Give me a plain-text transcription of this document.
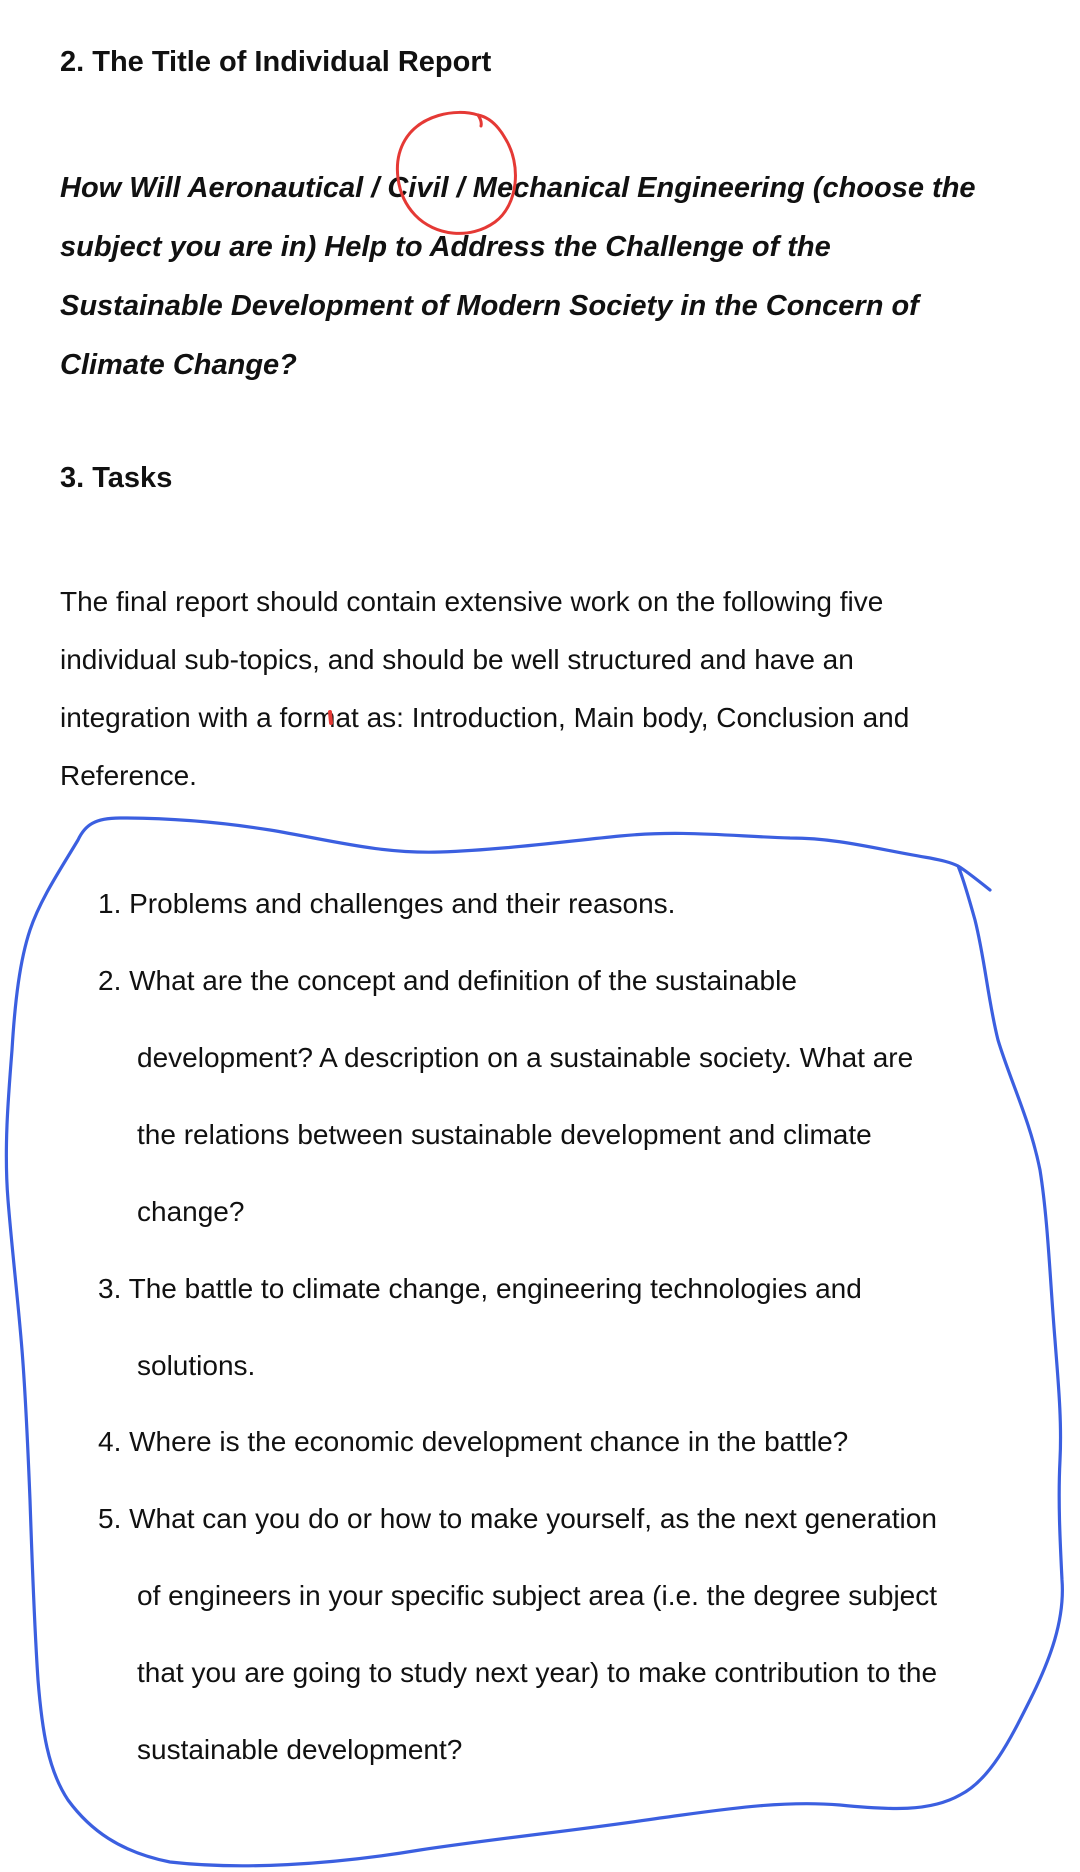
2. The Title of Individual Report

How Will Aeronautical / Civil / Mechanical Engineering (choose the
subject you are in) Help to Address the Challenge of the
Sustainable Development of Modern Society in the Concern of
Climate Change?

3. Tasks

The final report should contain extensive work on the following five
individual sub-topics, and should be well structured and have an
integration with a format as: Introduction, Main body, Conclusion and
Reference.

1. Problems and challenges and their reasons.

2. What are the concept and definition of the sustainable

development? A description on a sustainable society. What are

the relations between sustainable development and climate

change?

3. The battle to climate change, engineering technologies and

solutions.

4. Where is the economic development chance in the battle?

5. What can you do or how to make yourself, as the next generation

of engineers in your specific subject area (i.e. the degree subject

that you are going to study next year) to make contribution to the

sustainable development?
